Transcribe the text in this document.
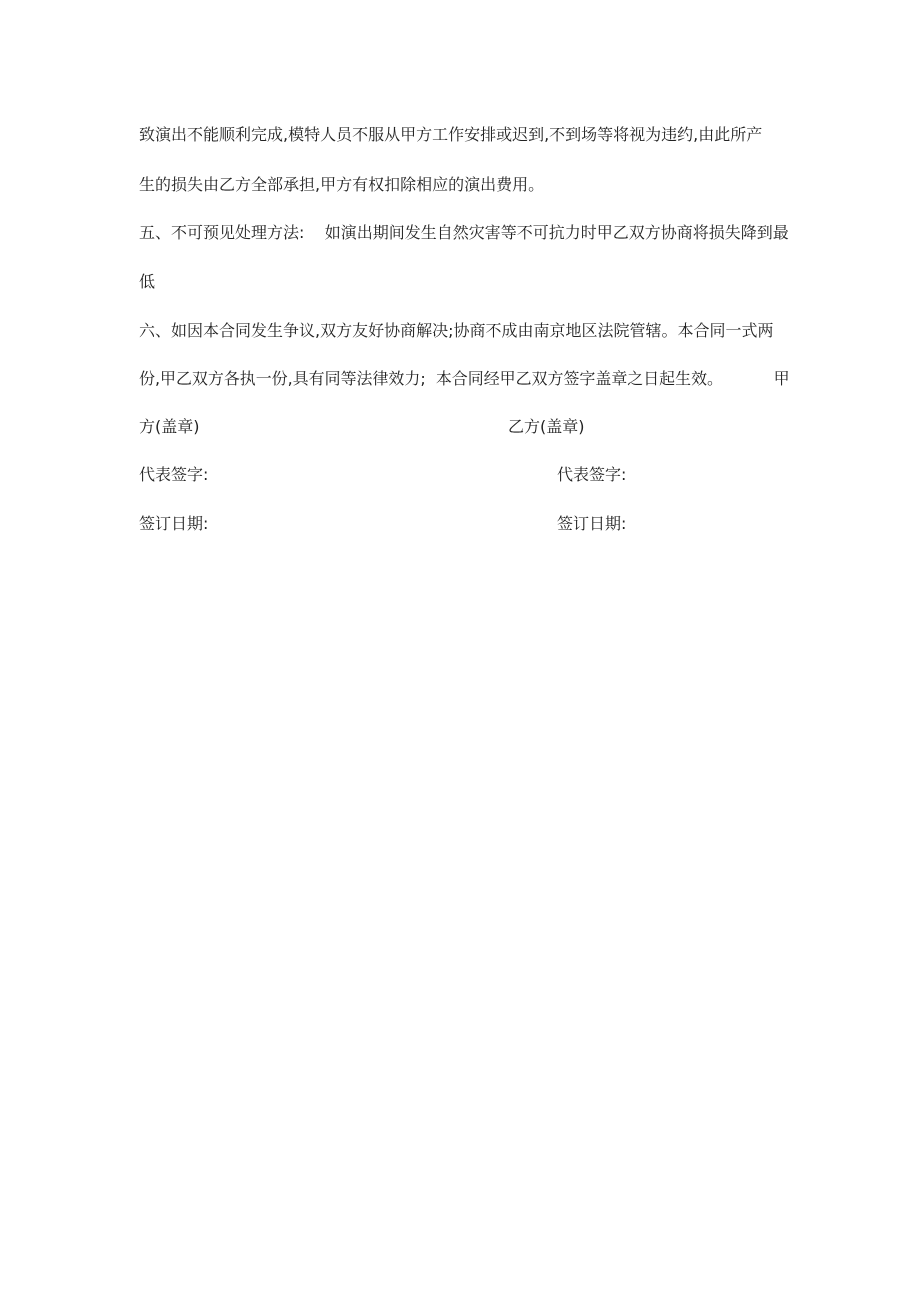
致演出不能顺利完成,模特人员不服从甲方工作安排或迟到,不到场等将视为违约,由此所产
生的损失由乙方全部承担,甲方有权扣除相应的演出费用。
五、不可预见处理方法:    如演出期间发生自然灾害等不可抗力时甲乙双方协商将损失降到最
低
六、如因本合同发生争议,双方友好协商解决;协商不成由南京地区法院管辖。本合同一式两
份,甲乙双方各执一份,具有同等法律效力;  本合同经甲乙双方签字盖章之日起生效。          甲
方(盖章)	乙方(盖章)
代表签字:	代表签字:
签订日期:	签订日期:
